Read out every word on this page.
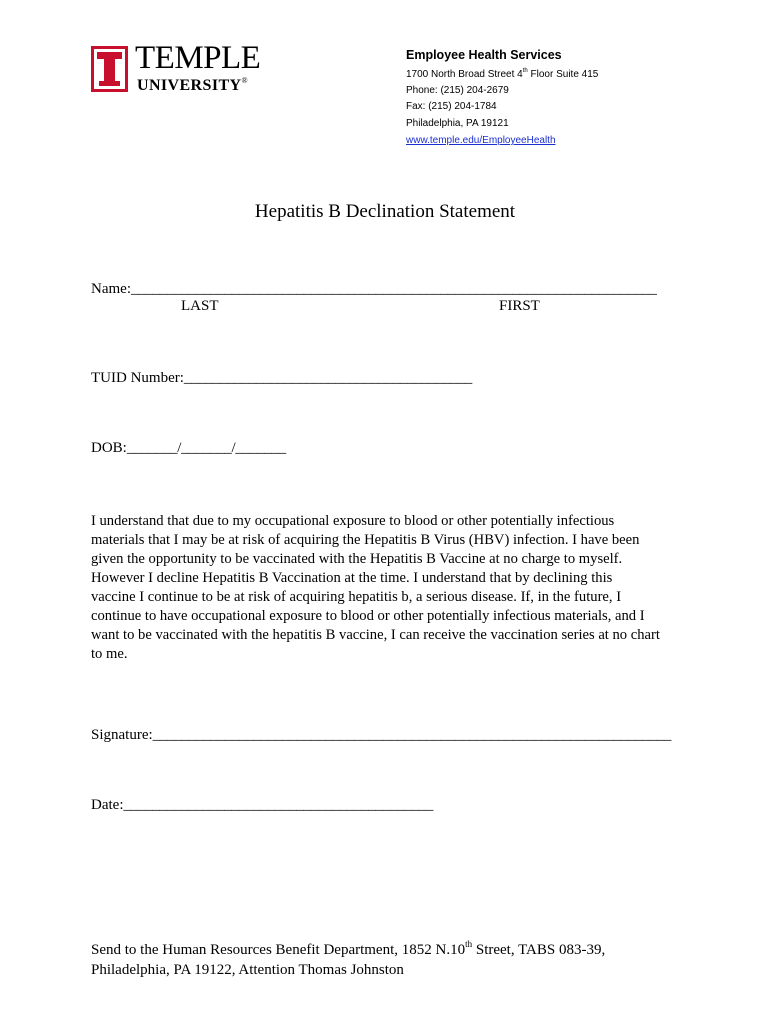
TEMPLE
UNIVERSITY®
Employee Health Services
1700 North Broad Street 4th Floor Suite 415
Phone: (215) 204-2679
Fax: (215) 204-1784
Philadelphia, PA 19121
www.temple.edu/EmployeeHealth
Hepatitis B Declination Statement
Name:_________________________________________________________________________
LAST	FIRST
TUID Number:________________________________________
DOB:_______/_______/_______
I understand that due to my occupational exposure to blood or other potentially infectious
materials that I may be at risk of acquiring the Hepatitis B Virus (HBV) infection. I have been
given the opportunity to be vaccinated with the Hepatitis B Vaccine at no charge to myself.
However I decline Hepatitis B Vaccination at the time. I understand that by declining this
vaccine I continue to be at risk of acquiring hepatitis b, a serious disease. If, in the future, I
continue to have occupational exposure to blood or other potentially infectious materials, and I
want to be vaccinated with the hepatitis B vaccine, I can receive the vaccination series at no chart
to me.
Signature:________________________________________________________________________
Date:___________________________________________
Send to the Human Resources Benefit Department, 1852 N.10th Street, TABS 083-39,
Philadelphia, PA 19122, Attention Thomas Johnston
